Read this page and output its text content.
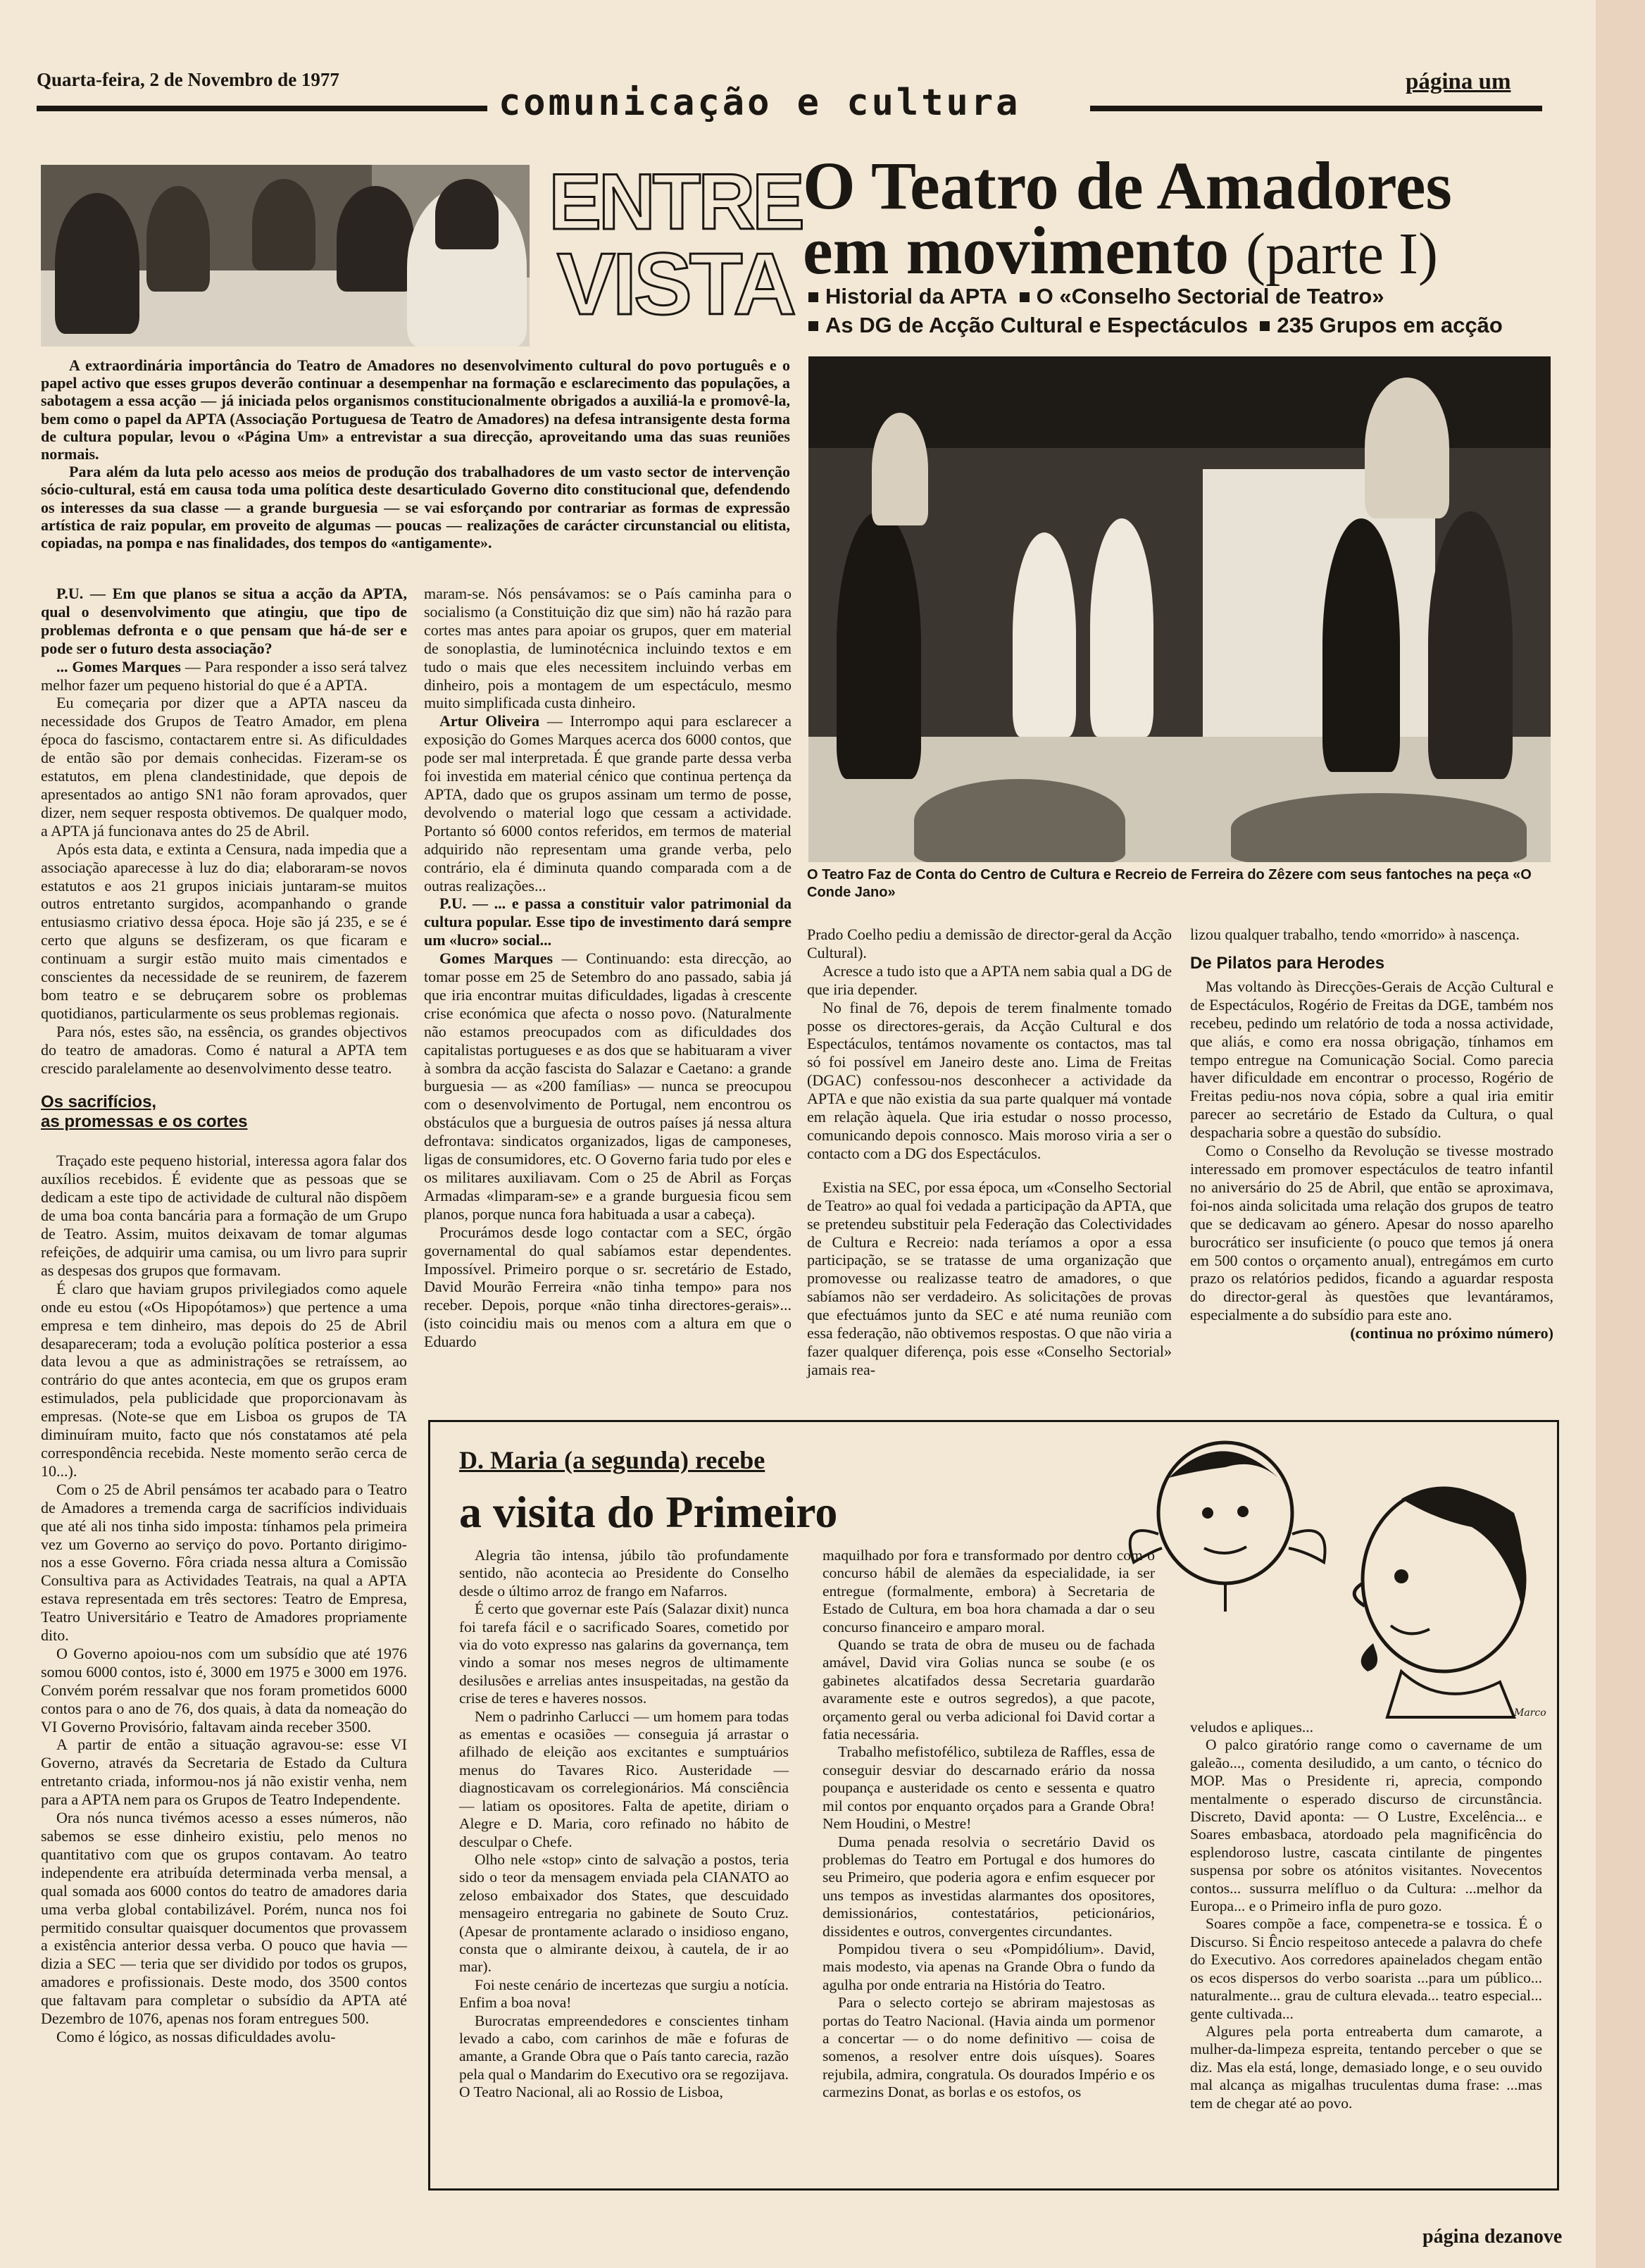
Quarta-feira, 2 de Novembro de 1977	página um
comunicação e cultura
ENTRE
VISTA
O Teatro de Amadores
em movimento (parte I)
Historial da APTA O «Conselho Sectorial de Teatro»
As DG de Acção Cultural e Espectáculos 235 Grupos em acção

A extraordinária importância do Teatro de Amadores no desenvolvimento cultural do povo português e o papel activo que esses grupos deverão continuar a desempenhar na formação e esclarecimento das populações, a sabotagem a essa acção — já iniciada pelos organismos constitucionalmente obrigados a auxiliá-la e promovê-la, bem como o papel da APTA (Associação Portuguesa de Teatro de Amadores) na defesa intransigente desta forma de cultura popular, levou o «Página Um» a entrevistar a sua direcção, aproveitando uma das suas reuniões normais.

Para além da luta pelo acesso aos meios de produção dos trabalhadores de um vasto sector de intervenção sócio-cultural, está em causa toda uma política deste desarticulado Governo dito constitucional que, defendendo os interesses da sua classe — a grande burguesia — se vai esforçando por contrariar as formas de expressão artística de raiz popular, em proveito de algumas — poucas — realizações de carácter circunstancial ou elitista, copiadas, na pompa e nas finalidades, dos tempos do «antigamente».

O Teatro Faz de Conta do Centro de Cultura e Recreio de Ferreira do Zêzere com seus fantoches na peça «O Conde Jano»

P.U. — Em que planos se situa a acção da APTA, qual o desenvolvimento que atingiu, que tipo de problemas defronta e o que pensam que há-de ser e pode ser o futuro desta associação?

... Gomes Marques — Para responder a isso será talvez melhor fazer um pequeno historial do que é a APTA.

Eu começaria por dizer que a APTA nasceu da necessidade dos Grupos de Teatro Amador, em plena época do fascismo, contactarem entre si. As dificuldades de então são por demais conhecidas. Fizeram-se os estatutos, em plena clandestinidade, que depois de apresentados ao antigo SN1 não foram aprovados, quer dizer, nem sequer resposta obtivemos. De qualquer modo, a APTA já funcionava antes do 25 de Abril.

Após esta data, e extinta a Censura, nada impedia que a associação aparecesse à luz do dia; elaboraram-se novos estatutos e aos 21 grupos iniciais juntaram-se muitos outros entretanto surgidos, acompanhando o grande entusiasmo criativo dessa época. Hoje são já 235, e se é certo que alguns se desfizeram, os que ficaram e continuam a surgir estão muito mais cimentados e conscientes da necessidade de se reunirem, de fazerem bom teatro e se debruçarem sobre os problemas quotidianos, particularmente os seus problemas regionais.

Para nós, estes são, na essência, os grandes objectivos do teatro de amadoras. Como é natural a APTA tem crescido paralelamente ao desenvolvimento desse teatro.

Os sacrifícios,
as promessas e os cortes

Traçado este pequeno historial, interessa agora falar dos auxílios recebidos. É evidente que as pessoas que se dedicam a este tipo de actividade de cultural não dispõem de uma boa conta bancária para a formação de um Grupo de Teatro. Assim, muitos deixavam de tomar algumas refeições, de adquirir uma camisa, ou um livro para suprir as despesas dos grupos que formavam.

É claro que haviam grupos privilegiados como aquele onde eu estou («Os Hipopótamos») que pertence a uma empresa e tem dinheiro, mas depois do 25 de Abril desapareceram; toda a evolução política posterior a essa data levou a que as administrações se retraíssem, ao contrário do que antes acontecia, em que os grupos eram estimulados, pela publicidade que proporcionavam às empresas. (Note-se que em Lisboa os grupos de TA diminuíram muito, facto que nós constatamos até pela correspondência recebida. Neste momento serão cerca de 10...).

Com o 25 de Abril pensámos ter acabado para o Teatro de Amadores a tremenda carga de sacrifícios individuais que até ali nos tinha sido imposta: tínhamos pela primeira vez um Governo ao serviço do povo. Portanto dirigimo-nos a esse Governo. Fôra criada nessa altura a Comissão Consultiva para as Actividades Teatrais, na qual a APTA estava representada em três sectores: Teatro de Empresa, Teatro Universitário e Teatro de Amadores propriamente dito.

O Governo apoiou-nos com um subsídio que até 1976 somou 6000 contos, isto é, 3000 em 1975 e 3000 em 1976. Convém porém ressalvar que nos foram prometidos 6000 contos para o ano de 76, dos quais, à data da nomeação do VI Governo Provisório, faltavam ainda receber 3500.

A partir de então a situação agravou-se: esse VI Governo, através da Secretaria de Estado da Cultura entretanto criada, informou-nos já não existir venha, nem para a APTA nem para os Grupos de Teatro Independente.

Ora nós nunca tivémos acesso a esses números, não sabemos se esse dinheiro existiu, pelo menos no quantitativo com que os grupos contavam. Ao teatro independente era atribuída determinada verba mensal, a qual somada aos 6000 contos do teatro de amadores daria uma verba global contabilizável. Porém, nunca nos foi permitido consultar quaisquer documentos que provassem a existência anterior dessa verba. O pouco que havia — dizia a SEC — teria que ser dividido por todos os grupos, amadores e profissionais. Deste modo, dos 3500 contos que faltavam para completar o subsídio da APTA até Dezembro de 1076, apenas nos foram entregues 500.

Como é lógico, as nossas dificuldades avolu-

maram-se. Nós pensávamos: se o País caminha para o socialismo (a Constituição diz que sim) não há razão para cortes mas antes para apoiar os grupos, quer em material de sonoplastia, de luminotécnica incluindo textos e em tudo o mais que eles necessitem incluindo verbas em dinheiro, pois a montagem de um espectáculo, mesmo muito simplificada custa dinheiro.

Artur Oliveira — Interrompo aqui para esclarecer a exposição do Gomes Marques acerca dos 6000 contos, que pode ser mal interpretada. É que grande parte dessa verba foi investida em material cénico que continua pertença da APTA, dado que os grupos assinam um termo de posse, devolvendo o material logo que cessam a actividade. Portanto só 6000 contos referidos, em termos de material adquirido não representam uma grande verba, pelo contrário, ela é diminuta quando comparada com a de outras realizações...

P.U. — ... e passa a constituir valor patrimonial da cultura popular. Esse tipo de investimento dará sempre um «lucro» social...

Gomes Marques — Continuando: esta direcção, ao tomar posse em 25 de Setembro do ano passado, sabia já que iria encontrar muitas dificuldades, ligadas à crescente crise económica que afecta o nosso povo. (Naturalmente não estamos preocupados com as dificuldades dos capitalistas portugueses e as dos que se habituaram a viver à sombra da acção fascista do Salazar e Caetano: a grande burguesia — as «200 famílias» — nunca se preocupou com o desenvolvimento de Portugal, nem encontrou os obstáculos que a burguesia de outros países já nessa altura defrontava: sindicatos organizados, ligas de camponeses, ligas de consumidores, etc. O Governo faria tudo por eles e os militares auxiliavam. Com o 25 de Abril as Forças Armadas «limparam-se» e a grande burguesia ficou sem planos, porque nunca fora habituada a usar a cabeça).

Procurámos desde logo contactar com a SEC, órgão governamental do qual sabíamos estar dependentes. Impossível. Primeiro porque o sr. secretário de Estado, David Mourão Ferreira «não tinha tempo» para nos receber. Depois, porque «não tinha directores-gerais»... (isto coincidiu mais ou menos com a altura em que o Eduardo

Prado Coelho pediu a demissão de director-geral da Acção Cultural).

Acresce a tudo isto que a APTA nem sabia qual a DG de que iria depender.

No final de 76, depois de terem finalmente tomado posse os directores-gerais, da Acção Cultural e dos Espectáculos, tentámos novamente os contactos, mas tal só foi possível em Janeiro deste ano. Lima de Freitas (DGAC) confessou-nos desconhecer a actividade da APTA e que não existia da sua parte qualquer má vontade em relação àquela. Que iria estudar o nosso processo, comunicando depois connosco. Mais moroso viria a ser o contacto com a DG dos Espectáculos.

Existia na SEC, por essa época, um «Conselho Sectorial de Teatro» ao qual foi vedada a participação da APTA, que se pretendeu substituir pela Federação das Colectividades de Cultura e Recreio: nada teríamos a opor a essa participação, se se tratasse de uma organização que promovesse ou realizasse teatro de amadores, o que sabíamos não ser verdadeiro. As solicitações de provas que efectuámos junto da SEC e até numa reunião com essa federação, não obtivemos respostas. O que não viria a fazer qualquer diferença, pois esse «Conselho Sectorial» jamais rea-

lizou qualquer trabalho, tendo «morrido» à nascença.

De Pilatos para Herodes

Mas voltando às Direcções-Gerais de Acção Cultural e de Espectáculos, Rogério de Freitas da DGE, também nos recebeu, pedindo um relatório de toda a nossa actividade, que aliás, e como era nossa obrigação, tínhamos em tempo entregue na Comunicação Social. Como parecia haver dificuldade em encontrar o processo, Rogério de Freitas pediu-nos nova cópia, sobre a qual iria emitir parecer ao secretário de Estado da Cultura, o qual despacharia sobre a questão do subsídio.

Como o Conselho da Revolução se tivesse mostrado interessado em promover espectáculos de teatro infantil no aniversário do 25 de Abril, que então se aproximava, foi-nos ainda solicitada uma relação dos grupos de teatro que se dedicavam ao género. Apesar do nosso aparelho burocrático ser insuficiente (o pouco que temos já onera em 500 contos o orçamento anual), entregámos em curto prazo os relatórios pedidos, ficando a aguardar resposta do director-geral às questões que levantáramos, especialmente a do subsídio para este ano.

(continua no próximo número)
D. Maria (a segunda) recebe
a visita do Primeiro
Marco

Alegria tão intensa, júbilo tão profundamente sentido, não acontecia ao Presidente do Conselho desde o último arroz de frango em Nafarros.

É certo que governar este País (Salazar dixit) nunca foi tarefa fácil e o sacrificado Soares, cometido por via do voto expresso nas galarins da governança, tem vindo a somar nos meses negros de ultimamente desilusões e arrelias antes insuspeitadas, na gestão da crise de teres e haveres nossos.

Nem o padrinho Carlucci — um homem para todas as ementas e ocasiões — conseguia já arrastar o afilhado de eleição aos excitantes e sumptuários menus do Tavares Rico. Austeridade — diagnosticavam os correlegionários. Má consciência — latiam os opositores. Falta de apetite, diriam o Alegre e D. Maria, coro refinado no hábito de desculpar o Chefe.

Olho nele «stop» cinto de salvação a postos, teria sido o teor da mensagem enviada pela CIANATO ao zeloso embaixador dos States, que descuidado mensageiro entregaria no gabinete de Souto Cruz. (Apesar de prontamente aclarado o insidioso engano, consta que o almirante deixou, à cautela, de ir ao mar).

Foi neste cenário de incertezas que surgiu a notícia. Enfim a boa nova!

Burocratas empreendedores e conscientes tinham levado a cabo, com carinhos de mãe e fofuras de amante, a Grande Obra que o País tanto carecia, razão pela qual o Mandarim do Executivo ora se regozijava. O Teatro Nacional, ali ao Rossio de Lisboa,

maquilhado por fora e transformado por dentro com o concurso hábil de alemães da especialidade, ia ser entregue (formalmente, embora) à Secretaria de Estado de Cultura, em boa hora chamada a dar o seu concurso financeiro e amparo moral.

Quando se trata de obra de museu ou de fachada amável, David vira Golias nunca se soube (e os gabinetes alcatifados dessa Secretaria guardarão avaramente este e outros segredos), a que pacote, orçamento geral ou verba adicional foi David cortar a fatia necessária.

Trabalho mefistofélico, subtileza de Raffles, essa de conseguir desviar do descarnado erário da nossa poupança e austeridade os cento e sessenta e quatro mil contos por enquanto orçados para a Grande Obra! Nem Houdini, o Mestre!

Duma penada resolvia o secretário David os problemas do Teatro em Portugal e dos humores do seu Primeiro, que poderia agora e enfim esquecer por uns tempos as investidas alarmantes dos opositores, demissionários, contestatários, peticionários, dissidentes e outros, convergentes circundantes.

Pompidou tivera o seu «Pompidólium». David, mais modesto, via apenas na Grande Obra o fundo da agulha por onde entraria na História do Teatro.

Para o selecto cortejo se abriram majestosas as portas do Teatro Nacional. (Havia ainda um pormenor a concertar — o do nome definitivo — coisa de somenos, a resolver entre dois uísques). Soares rejubila, admira, congratula. Os dourados Império e os carmezins Donat, as borlas e os estofos, os

veludos e apliques...

O palco giratório range como o cavername de um galeão..., comenta desiludido, a um canto, o técnico do MOP. Mas o Presidente ri, aprecia, compondo mentalmente o esperado discurso de circunstância. Discreto, David aponta: — O Lustre, Excelência... e Soares embasbaca, atordoado pela magnificência do esplendoroso lustre, cascata cintilante de pingentes suspensa por sobre os atónitos visitantes. Novecentos contos... sussurra melífluo o da Cultura: ...melhor da Europa... e o Primeiro infla de puro gozo.

Soares compõe a face, compenetra-se e tossica. É o Discurso. Si Êncio respeitoso antecede a palavra do chefe do Executivo. Aos corredores apainelados chegam então os ecos dispersos do verbo soarista ...para um público... naturalmente... grau de cultura elevada... teatro especial... gente cultivada...

Algures pela porta entreaberta dum camarote, a mulher-da-limpeza espreita, tentando perceber o que se diz. Mas ela está, longe, demasiado longe, e o seu ouvido mal alcança as migalhas truculentas duma frase: ...mas tem de chegar até ao povo.

página dezanove
